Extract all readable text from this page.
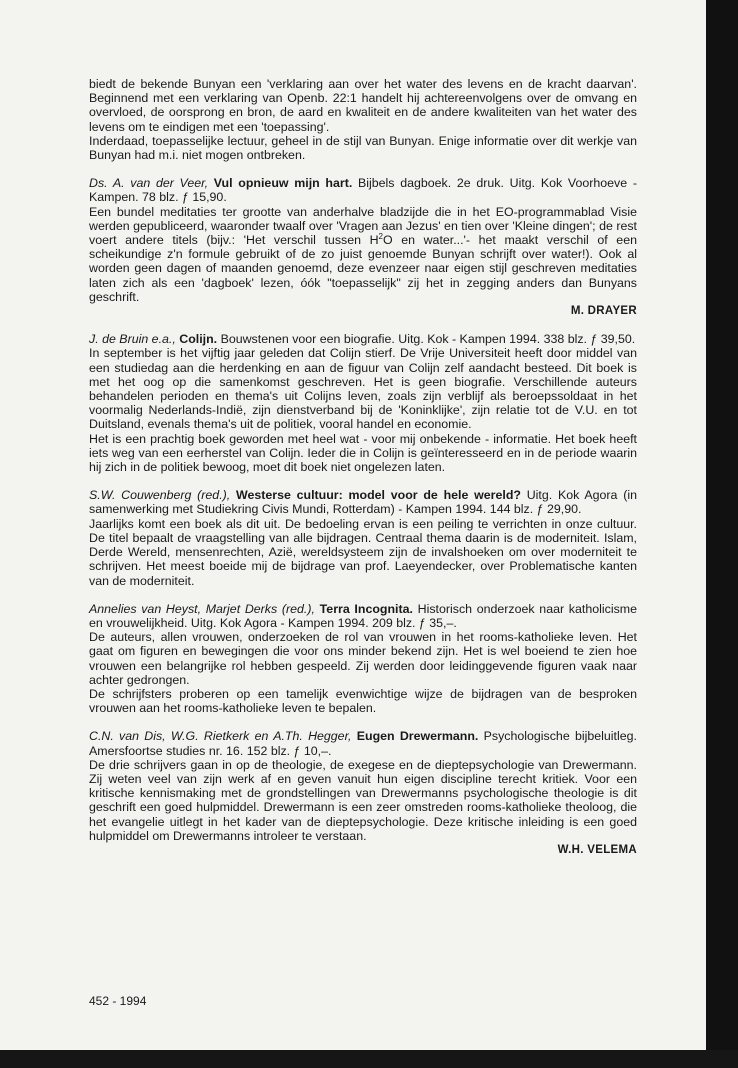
biedt de bekende Bunyan een 'verklaring aan over het water des levens en de kracht daarvan'. Beginnend met een verklaring van Openb. 22:1 handelt hij achtereenvolgens over de omvang en overvloed, de oorsprong en bron, de aard en kwaliteit en de andere kwaliteiten van het water des levens om te eindigen met een 'toepassing'.

Inderdaad, toepasselijke lectuur, geheel in de stijl van Bunyan. Enige informatie over dit werkje van Bunyan had m.i. niet mogen ontbreken.

Ds. A. van der Veer, Vul opnieuw mijn hart. Bijbels dagboek. 2e druk. Uitg. Kok Voorhoeve - Kampen. 78 blz. ƒ 15,90.

Een bundel meditaties ter grootte van anderhalve bladzijde die in het EO-programmablad Visie werden gepubliceerd, waaronder twaalf over 'Vragen aan Jezus' en tien over 'Kleine dingen'; de rest voert andere titels (bijv.: 'Het verschil tussen $H^2O$ en water...'- het maakt verschil of een scheikundige z'n formule gebruikt of de zo juist genoemde Bunyan schrijft over water!). Ook al worden geen dagen of maanden genoemd, deze evenzeer naar eigen stijl geschreven meditaties laten zich als een 'dagboek' lezen, óók "toepasselijk" zij het in zegging anders dan Bunyans geschrift.

M. DRAYER

J. de Bruin e.a., Colijn. Bouwstenen voor een biografie. Uitg. Kok - Kampen 1994. 338 blz. ƒ 39,50.

In september is het vijftig jaar geleden dat Colijn stierf. De Vrije Universiteit heeft door middel van een studiedag aan die herdenking en aan de figuur van Colijn zelf aandacht besteed. Dit boek is met het oog op die samenkomst geschreven. Het is geen biografie. Verschillende auteurs behandelen perioden en thema's uit Colijns leven, zoals zijn verblijf als beroepssoldaat in het voormalig Nederlands-Indië, zijn dienstverband bij de 'Koninklijke', zijn relatie tot de V.U. en tot Duitsland, evenals thema's uit de politiek, vooral handel en economie.

Het is een prachtig boek geworden met heel wat - voor mij onbekende - informatie. Het boek heeft iets weg van een eerherstel van Colijn. Ieder die in Colijn is geïnteresseerd en in de periode waarin hij zich in de politiek bewoog, moet dit boek niet ongelezen laten.

S.W. Couwenberg (red.), Westerse cultuur: model voor de hele wereld? Uitg. Kok Agora (in samenwerking met Studiekring Civis Mundi, Rotterdam) - Kampen 1994. 144 blz. ƒ 29,90.

Jaarlijks komt een boek als dit uit. De bedoeling ervan is een peiling te verrichten in onze cultuur. De titel bepaalt de vraagstelling van alle bijdragen. Centraal thema daarin is de moderniteit. Islam, Derde Wereld, mensenrechten, Azië, wereldsysteem zijn de invalshoeken om over moderniteit te schrijven. Het meest boeide mij de bijdrage van prof. Laeyendecker, over Problematische kanten van de moderniteit.

Annelies van Heyst, Marjet Derks (red.), Terra Incognita. Historisch onderzoek naar katholicisme en vrouwelijkheid. Uitg. Kok Agora - Kampen 1994. 209 blz. ƒ 35,–.

De auteurs, allen vrouwen, onderzoeken de rol van vrouwen in het rooms-katholieke leven. Het gaat om figuren en bewegingen die voor ons minder bekend zijn. Het is wel boeiend te zien hoe vrouwen een belangrijke rol hebben gespeeld. Zij werden door leidinggevende figuren vaak naar achter gedrongen.

De schrijfsters proberen op een tamelijk evenwichtige wijze de bijdragen van de besproken vrouwen aan het rooms-katholieke leven te bepalen.

C.N. van Dis, W.G. Rietkerk en A.Th. Hegger, Eugen Drewermann. Psychologische bijbeluitleg. Amersfoortse studies nr. 16. 152 blz. ƒ 10,–.

De drie schrijvers gaan in op de theologie, de exegese en de dieptepsychologie van Drewermann. Zij weten veel van zijn werk af en geven vanuit hun eigen discipline terecht kritiek. Voor een kritische kennismaking met de grondstellingen van Drewermanns psychologische theologie is dit geschrift een goed hulpmiddel. Drewermann is een zeer omstreden rooms-katholieke theoloog, die het evangelie uitlegt in het kader van de dieptepsychologie. Deze kritische inleiding is een goed hulpmiddel om Drewermanns introleer te verstaan.

W.H. VELEMA

452 - 1994
